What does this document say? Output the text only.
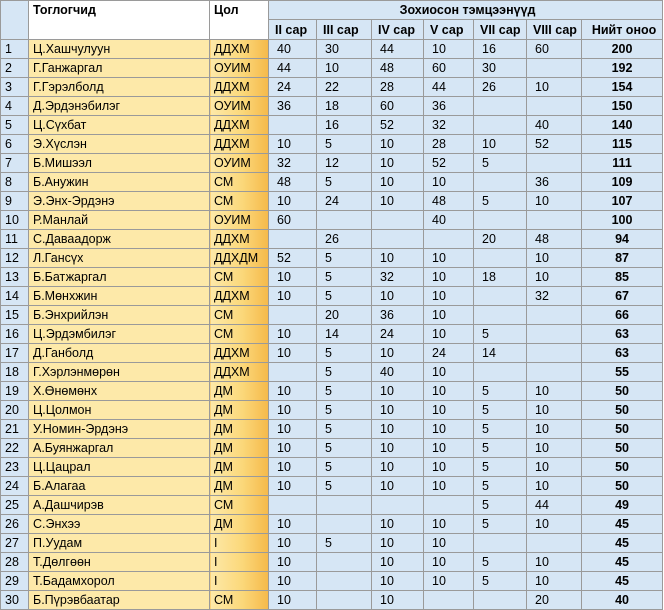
	Тоглогчид	Цол	Зохиосон тэмцээнүүд						
			II сар	III сар	IV сар	V сар	VII сар	VIII сар	Нийт оноо
1	Ц.Хашчулуун	ДДХМ	40	30	44	10	16	60	200
2	Г.Ганжаргал	ОУИМ	44	10	48	60	30		192
3	Г.Гэрэлболд	ДДХМ	24	22	28	44	26	10	154
4	Д.Эрдэнэбилэг	ОУИМ	36	18	60	36			150
5	Ц.Сүхбат	ДДХМ		16	52	32		40	140
6	Э.Хүслэн	ДДХМ	10	5	10	28	10	52	115
7	Б.Мишээл	ОУИМ	32	12	10	52	5		111
8	Б.Анужин	СМ	48	5	10	10		36	109
9	Э.Энх-Эрдэнэ	СМ	10	24	10	48	5	10	107
10	Р.Манлай	ОУИМ	60			40			100
11	С.Даваадорж	ДДХМ		26			20	48	94
12	Л.Гансүх	ДДХДМ	52	5	10	10		10	87
13	Б.Батжаргал	СМ	10	5	32	10	18	10	85
14	Б.Мөнхжин	ДДХМ	10	5	10	10		32	67
15	Б.Энхрийлэн	СМ		20	36	10			66
16	Ц.Эрдэмбилэг	СМ	10	14	24	10	5		63
17	Д.Ганболд	ДДХМ	10	5	10	24	14		63
18	Г.Хэрлэнмөрөн	ДДХМ		5	40	10			55
19	Х.Өнөмөнх	ДМ	10	5	10	10	5	10	50
20	Ц.Цолмон	ДМ	10	5	10	10	5	10	50
21	У.Номин-Эрдэнэ	ДМ	10	5	10	10	5	10	50
22	А.Буянжаргал	ДМ	10	5	10	10	5	10	50
23	Ц.Цацрал	ДМ	10	5	10	10	5	10	50
24	Б.Алагаа	ДМ	10	5	10	10	5	10	50
25	А.Дашчирэв	СМ					5	44	49
26	С.Энхээ	ДМ	10		10	10	5	10	45
27	П.Уудам	I	10	5	10	10			45
28	Т.Дөлгөөн	I	10		10	10	5	10	45
29	Т.Бадамхорол	I	10		10	10	5	10	45
30	Б.Пүрэвбаатар	СМ	10		10			20	40
